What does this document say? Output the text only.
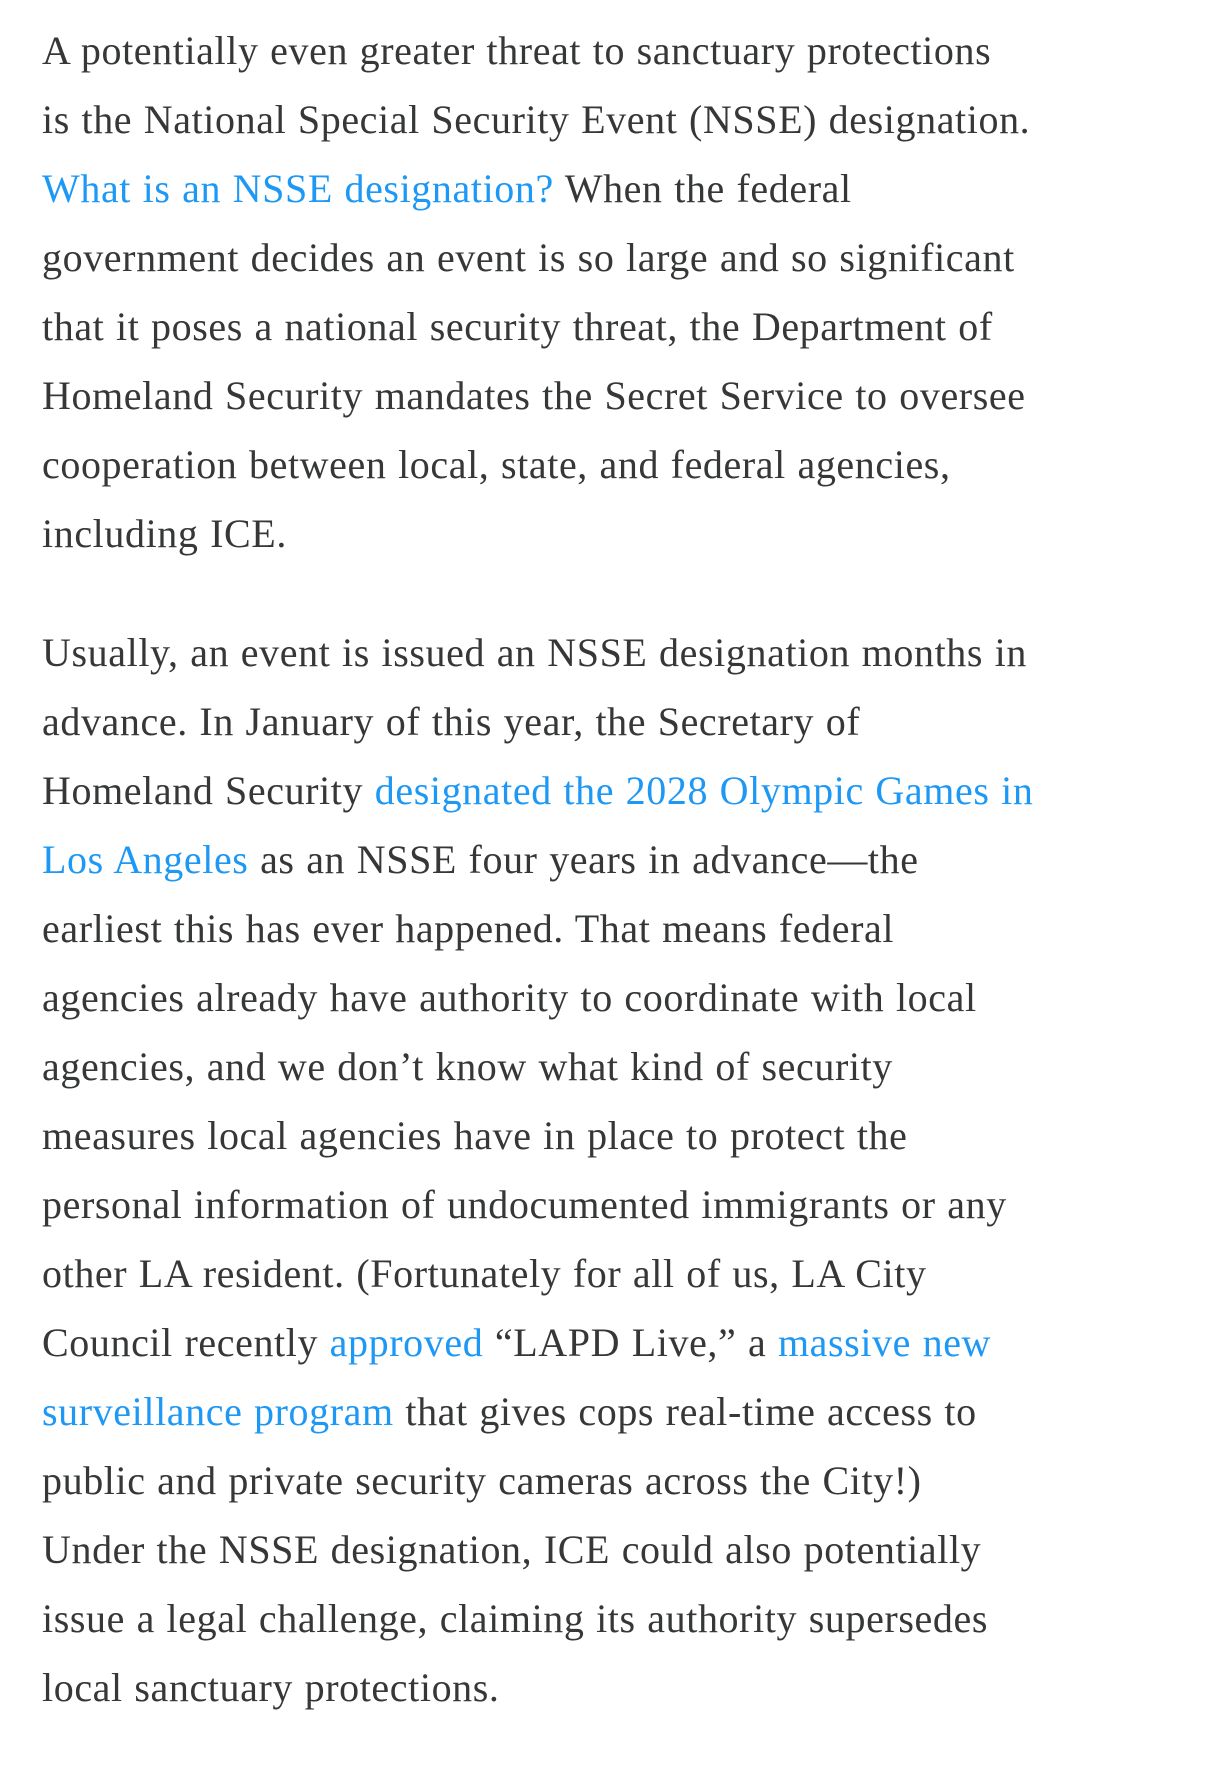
A potentially even greater threat to sanctuary protections
is the National Special Security Event (NSSE) designation.
What is an NSSE designation? When the federal
government decides an event is so large and so significant
that it poses a national security threat, the Department of
Homeland Security mandates the Secret Service to oversee
cooperation between local, state, and federal agencies,
including ICE.

Usually, an event is issued an NSSE designation months in
advance. In January of this year, the Secretary of
Homeland Security designated the 2028 Olympic Games in
Los Angeles as an NSSE four years in advance—the
earliest this has ever happened. That means federal
agencies already have authority to coordinate with local
agencies, and we don’t know what kind of security
measures local agencies have in place to protect the
personal information of undocumented immigrants or any
other LA resident. (Fortunately for all of us, LA City
Council recently approved “LAPD Live,” a massive new
surveillance program that gives cops real-time access to
public and private security cameras across the City!)
Under the NSSE designation, ICE could also potentially
issue a legal challenge, claiming its authority supersedes
local sanctuary protections.
